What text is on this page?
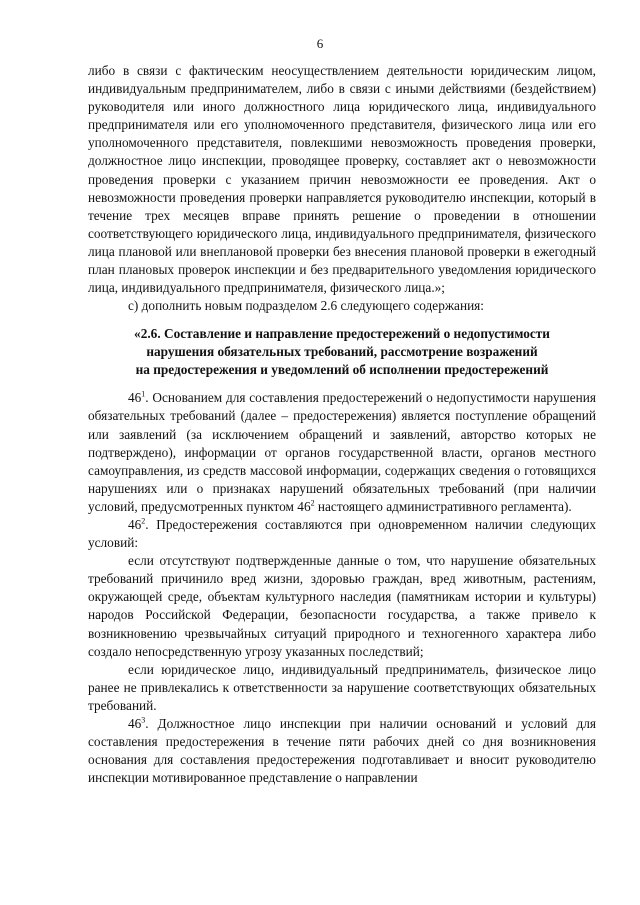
6

либо в связи с фактическим неосуществлением деятельности юридическим лицом, индивидуальным предпринимателем, либо в связи с иными действиями (бездействием) руководителя или иного должностного лица юридического лица, индивидуального предпринимателя или его уполномоченного представителя, физического лица или его уполномоченного представителя, повлекшими невозможность проведения проверки, должностное лицо инспекции, проводящее проверку, составляет акт о невозможности проведения проверки с указанием причин невозможности ее проведения. Акт о невозможности проведения проверки направляется руководителю инспекции, который в течение трех месяцев вправе принять решение о проведении в отношении соответствующего юридического лица, индивидуального предпринимателя, физического лица плановой или внеплановой проверки без внесения плановой проверки в ежегодный план плановых проверок инспекции и без предварительного уведомления юридического лица, индивидуального предпринимателя, физического лица.»;

с) дополнить новым подразделом 2.6 следующего содержания:

«2.6. Составление и направление предостережений о недопустимости
нарушения обязательных требований, рассмотрение возражений
на предостережения и уведомлений об исполнении предостережений

$46^1$. Основанием для составления предостережений о недопустимости нарушения обязательных требований (далее – предостережения) является поступление обращений или заявлений (за исключением обращений и заявлений, авторство которых не подтверждено), информации от органов государственной власти, органов местного самоуправления, из средств массовой информации, содержащих сведения о готовящихся нарушениях или о признаках нарушений обязательных требований (при наличии условий, предусмотренных пунктом $46^2$ настоящего административного регламента).

$46^2$. Предостережения составляются при одновременном наличии следующих условий:

если отсутствуют подтвержденные данные о том, что нарушение обязательных требований причинило вред жизни, здоровью граждан, вред животным, растениям, окружающей среде, объектам культурного наследия (памятникам истории и культуры) народов Российской Федерации, безопасности государства, а также привело к возникновению чрезвычайных ситуаций природного и техногенного характера либо создало непосредственную угрозу указанных последствий;

если юридическое лицо, индивидуальный предприниматель, физическое лицо ранее не привлекались к ответственности за нарушение соответствующих обязательных требований.

$46^3$. Должностное лицо инспекции при наличии оснований и условий для составления предостережения в течение пяти рабочих дней со дня возникновения основания для составления предостережения подготавливает и вносит руководителю инспекции мотивированное представление о направлении
